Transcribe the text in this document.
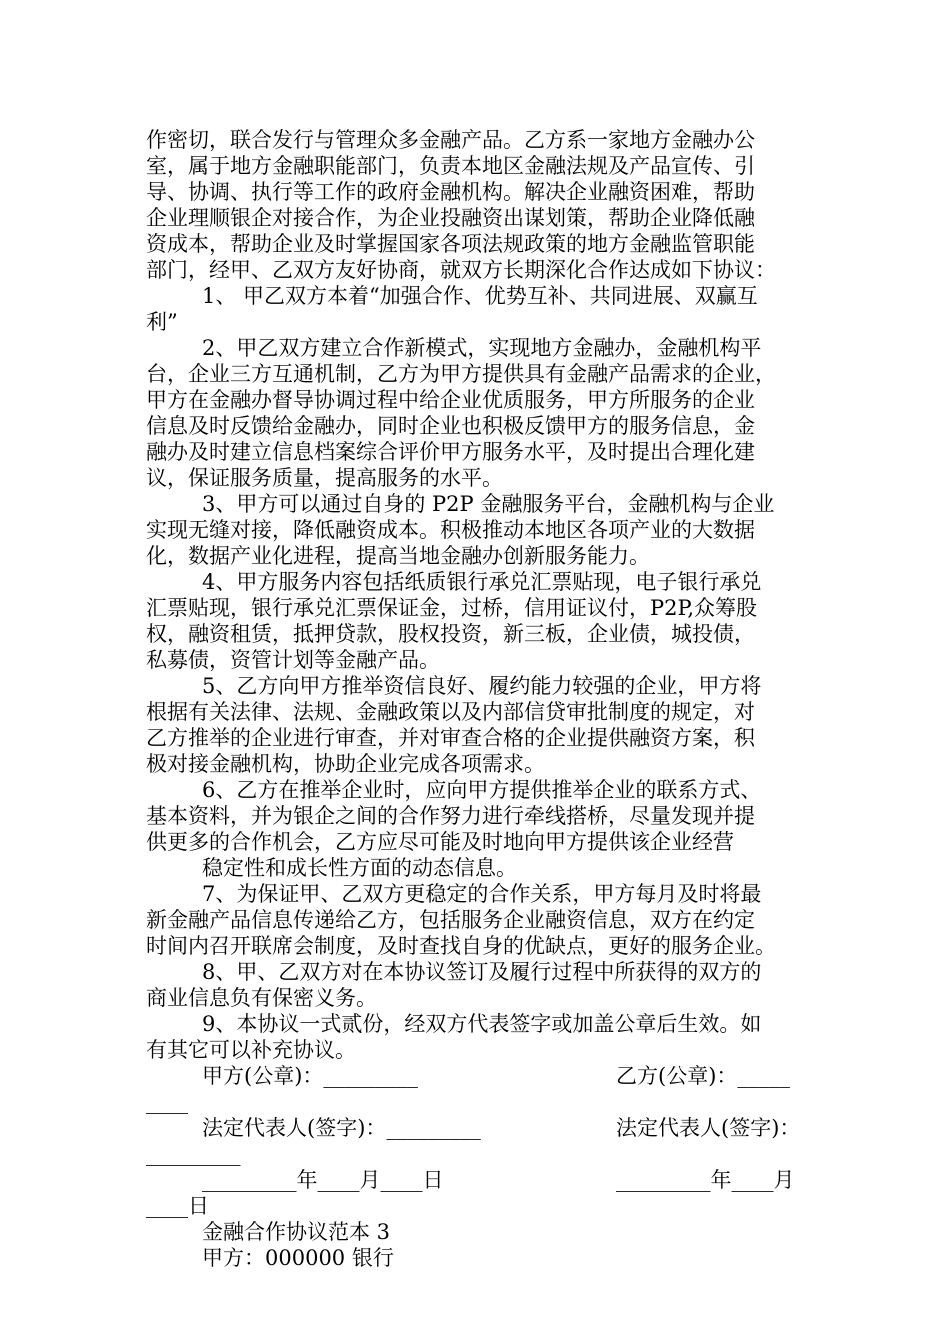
作密切，联合发行与管理众多金融产品。乙方系一家地方金融办公
室，属于地方金融职能部门，负责本地区金融法规及产品宣传、引
导、协调、执行等工作的政府金融机构。解决企业融资困难，帮助
企业理顺银企对接合作，为企业投融资出谋划策，帮助企业降低融
资成本，帮助企业及时掌握国家各项法规政策的地方金融监管职能
部门，经甲、乙双方友好协商，就双方长期深化合作达成如下协议：
1、 甲乙双方本着“加强合作、优势互补、共同进展、双赢互
利”
2、甲乙双方建立合作新模式，实现地方金融办，金融机构平
台，企业三方互通机制，乙方为甲方提供具有金融产品需求的企业，
甲方在金融办督导协调过程中给企业优质服务，甲方所服务的企业
信息及时反馈给金融办，同时企业也积极反馈甲方的服务信息，金
融办及时建立信息档案综合评价甲方服务水平，及时提出合理化建
议，保证服务质量，提高服务的水平。
3、甲方可以通过自身的 P2P 金融服务平台，金融机构与企业
实现无缝对接，降低融资成本。积极推动本地区各项产业的大数据
化，数据产业化进程，提高当地金融办创新服务能力。
4、甲方服务内容包括纸质银行承兑汇票贴现，电子银行承兑
汇票贴现，银行承兑汇票保证金，过桥，信用证议付，P2P,众筹股
权，融资租赁，抵押贷款，股权投资，新三板，企业债，城投债，
私募债，资管计划等金融产品。
5、乙方向甲方推举资信良好、履约能力较强的企业，甲方将
根据有关法律、法规、金融政策以及内部信贷审批制度的规定，对
乙方推举的企业进行审查，并对审查合格的企业提供融资方案，积
极对接金融机构，协助企业完成各项需求。
6、乙方在推举企业时，应向甲方提供推举企业的联系方式、
基本资料，并为银企之间的合作努力进行牵线搭桥，尽量发现并提
供更多的合作机会，乙方应尽可能及时地向甲方提供该企业经营
稳定性和成长性方面的动态信息。
7、为保证甲、乙双方更稳定的合作关系，甲方每月及时将最
新金融产品信息传递给乙方，包括服务企业融资信息，双方在约定
时间内召开联席会制度，及时查找自身的优缺点，更好的服务企业。
8、甲、乙双方对在本协议签订及履行过程中所获得的双方的
商业信息负有保密义务。
9、本协议一式贰份，经双方代表签字或加盖公章后生效。如
有其它可以补充协议。
甲方(公章)：_________	乙方(公章)：_____
____
法定代表人(签字)：_________	法定代表人(签字)：
_________
_________年____月____日	_________年____月
____日
金融合作协议范本 3
甲方：000000 银行
